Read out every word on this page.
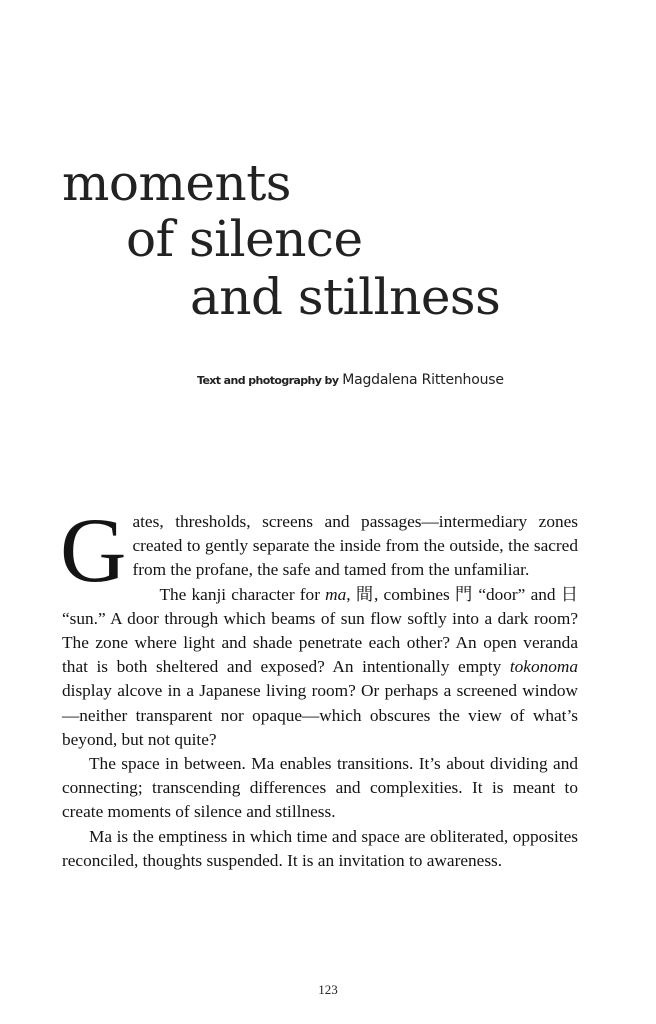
moments
of silence
and stillness
Text and photography by Magdalena Rittenhouse

Gates, thresholds, screens and passages—intermediary zones created to gently separate the inside from the outside, the sacred from the profane, the safe and tamed from the unfamiliar.

The kanji character for ma, 間, combines 門 “door” and 日 “sun.” A door through which beams of sun flow softly into a dark room? The zone where light and shade penetrate each other? An open veranda that is both sheltered and exposed? An intentionally empty tokonoma display alcove in a Japanese living room? Or perhaps a screened window—neither transparent nor opaque—which obscures the view of what’s beyond, but not quite?

The space in between. Ma enables transitions. It’s about dividing and connecting; transcending differences and complexities. It is meant to create moments of silence and stillness.

Ma is the emptiness in which time and space are obliterated, opposites reconciled, thoughts suspended. It is an invitation to awareness.

123
